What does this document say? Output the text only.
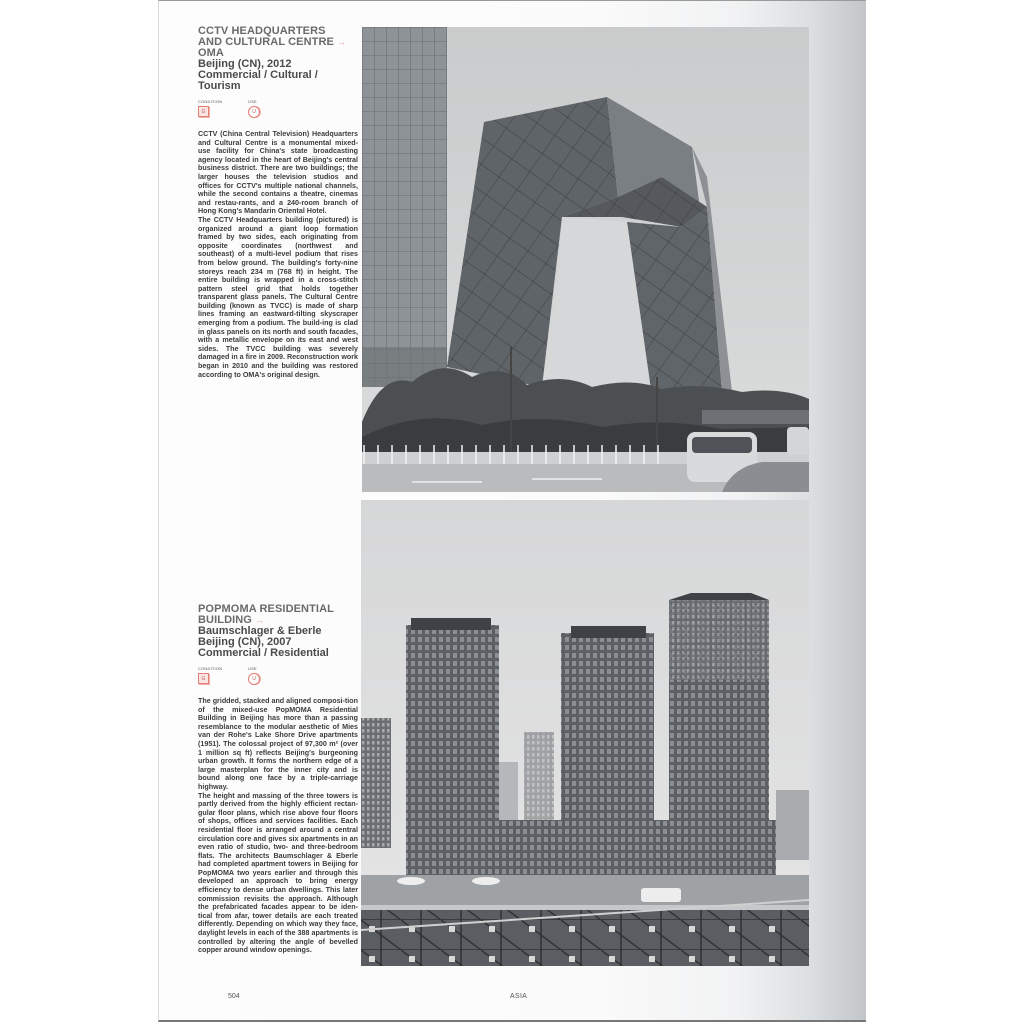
CCTV HEADQUARTERS
AND CULTURAL CENTRE →
OMA
Beijing (CN), 2012
Commercial / Cultural / Tourism
CONDITION
G
USE
U

CCTV (China Central Television) Headquarters and Cultural Centre is a monumental mixed-use facility for China's state broadcasting agency located in the heart of Beijing's central business district. There are two buildings; the larger houses the television studios and offices for CCTV's multiple national channels, while the second contains a theatre, cinemas and restau-rants, and a 240-room branch of Hong Kong's Mandarin Oriental Hotel.

The CCTV Headquarters building (pictured) is organized around a giant loop formation framed by two sides, each originating from opposite coordinates (northwest and southeast) of a multi-level podium that rises from below ground. The building's forty-nine storeys reach 234 m (768 ft) in height. The entire building is wrapped in a cross-stitch pattern steel grid that holds together transparent glass panels. The Cultural Centre building (known as TVCC) is made of sharp lines framing an eastward-tilting skyscraper emerging from a podium. The build-ing is clad in glass panels on its north and south facades, with a metallic envelope on its east and west sides. The TVCC building was severely damaged in a fire in 2009. Reconstruction work began in 2010 and the building was restored according to OMA's original design.

POPMOMA RESIDENTIAL
BUILDING →
Baumschlager & Eberle
Beijing (CN), 2007
Commercial / Residential
CONDITION
G
USE
U

The gridded, stacked and aligned composi-tion of the mixed-use PopMOMA Residential Building in Beijing has more than a passing resemblance to the modular aesthetic of Mies van der Rohe's Lake Shore Drive apartments (1951). The colossal project of 97,300 m² (over 1 million sq ft) reflects Beijing's burgeoning urban growth. It forms the northern edge of a large masterplan for the inner city and is bound along one face by a triple-carriage highway.

The height and massing of the three towers is partly derived from the highly efficient rectan-gular floor plans, which rise above four floors of shops, offices and services facilities. Each residential floor is arranged around a central circulation core and gives six apartments in an even ratio of studio, two- and three-bedroom flats. The architects Baumschlager & Eberle had completed apartment towers in Beijing for PopMOMA two years earlier and through this developed an approach to bring energy efficiency to dense urban dwellings. This later commission revisits the approach. Although the prefabricated facades appear to be iden-tical from afar, tower details are each treated differently. Depending on which way they face, daylight levels in each of the 388 apartments is controlled by altering the angle of bevelled copper around window openings.

504	ASIA
